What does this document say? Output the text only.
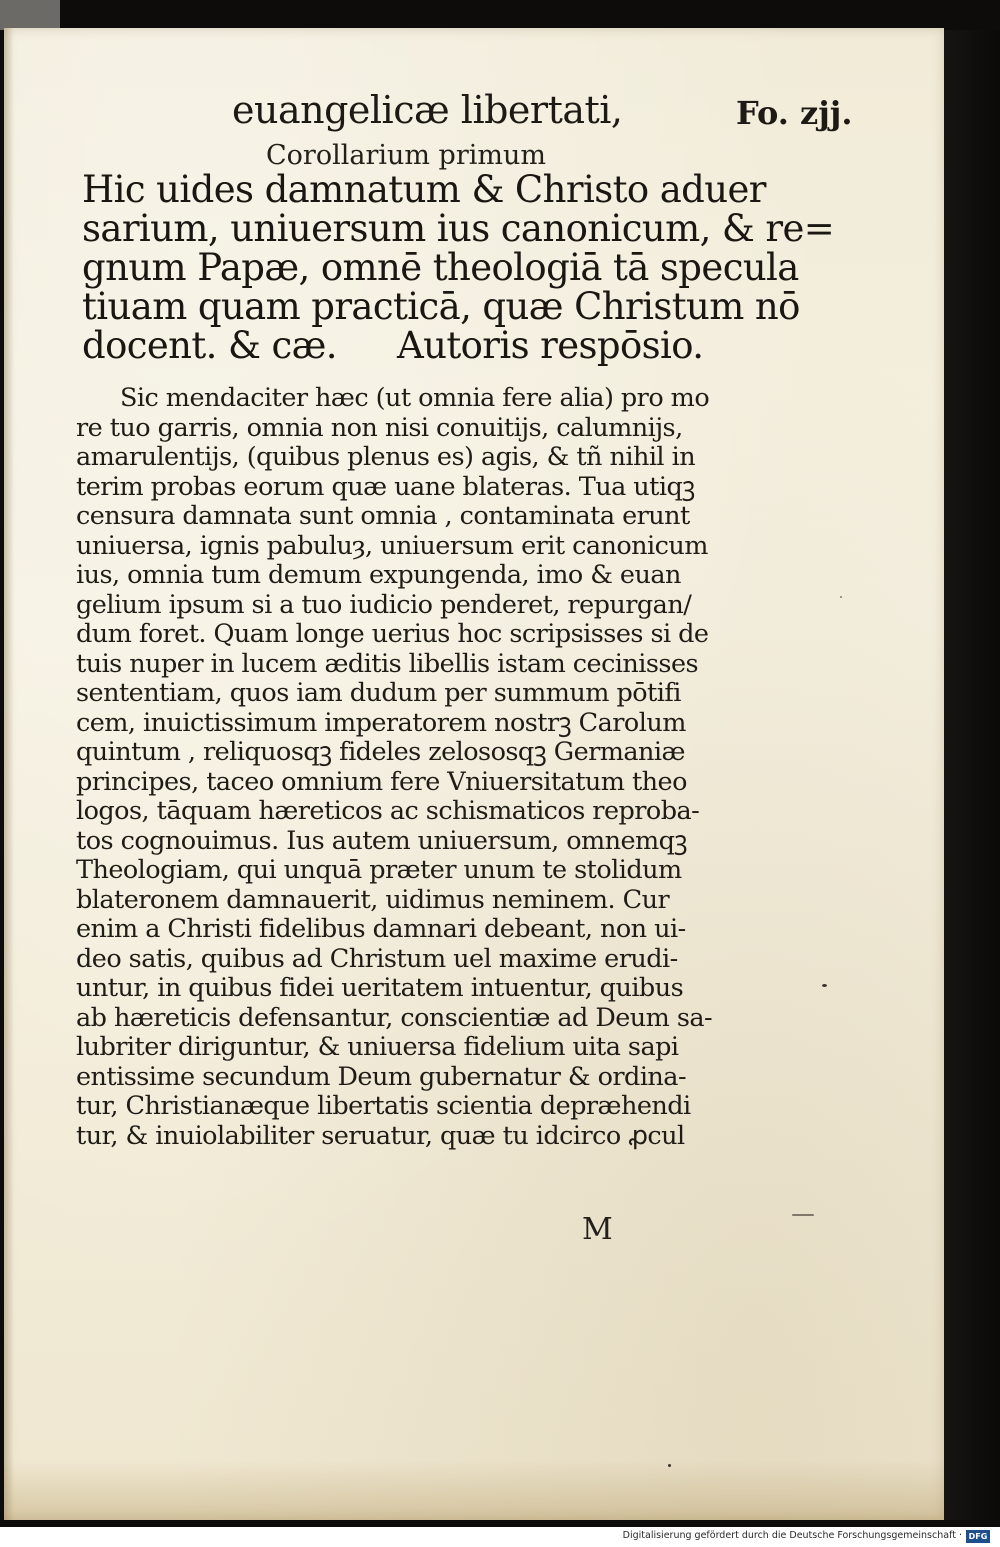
euangelicæ libertati,	Fo. zjj.
Corollarium primum
Hic uides damnatum & Christo aduer
sarium, uniuersum ius canonicum, & re=
gnum Papæ, omnē theologiā tā specula
tiuam quam practicā, quæ Christum nō
docent. & cæ. Autoris respōsio.
Sic mendaciter hæc (ut omnia fere alia) pro mo
re tuo garris, omnia non nisi conuitijs, calumnijs,
amarulentijs, (quibus plenus es) agis, & tñ nihil in
terim probas eorum quæ uane blateras. Tua utiqꝫ
censura damnata sunt omnia , contaminata erunt
uniuersa, ignis pabuluȝ, uniuersum erit canonicum
ius, omnia tum demum expungenda, imo & euan
gelium ipsum si a tuo iudicio penderet, repurgan/
dum foret. Quam longe uerius hoc scripsisses si de
tuis nuper in lucem æditis libellis istam cecinisses
sententiam, quos iam dudum per summum pōtifi
cem, inuictissimum imperatorem nostrꝫ Carolum
quintum , reliquosqꝫ fideles zelososqꝫ Germaniæ
principes, taceo omnium fere Vniuersitatum theo
logos, tāquam hæreticos ac schismaticos reproba-
tos cognouimus. Ius autem uniuersum, omnemqꝫ
Theologiam, qui unquā præter unum te stolidum
blateronem damnauerit, uidimus neminem. Cur
enim a Christi fidelibus damnari debeant, non ui-
deo satis, quibus ad Christum uel maxime erudi-
untur, in quibus fidei ueritatem intuentur, quibus
ab hæreticis defensantur, conscientiæ ad Deum sa-
lubriter diriguntur, & uniuersa fidelium uita sapi
entissime secundum Deum gubernatur & ordina-
tur, Christianæque libertatis scientia depræhendi
tur, & inuiolabiliter seruatur, quæ tu idcirco ꝓcul
M
Digitalisierung gefördert durch die Deutsche Forschungsgemeinschaft · DFG
